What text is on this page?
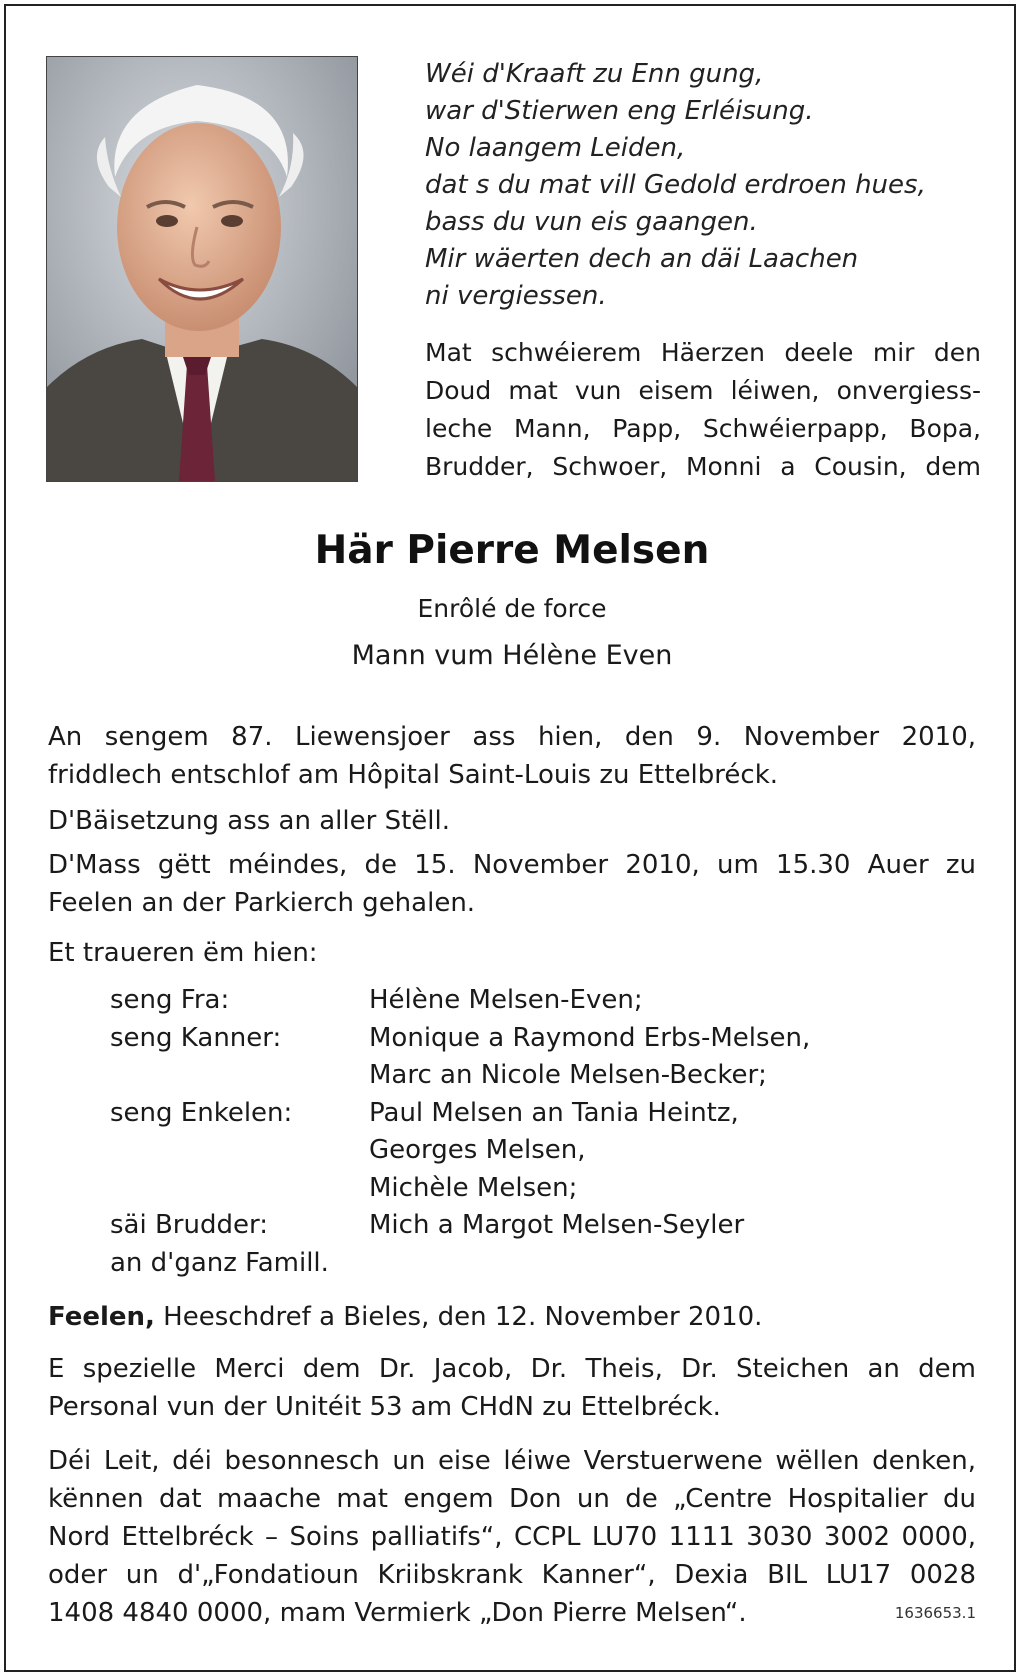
Wéi d'Kraaft zu Enn gung,
war d'Stierwen eng Erléisung.
No laangem Leiden,
dat s du mat vill Gedold erdroen hues,
bass du vun eis gaangen.
Mir wäerten dech an däi Laachen
ni vergiessen.
Mat schwéierem Häerzen deele mir den
Doud mat vun eisem léiwen, onvergiess-
leche Mann, Papp, Schwéierpapp, Bopa,
Brudder, Schwoer, Monni a Cousin, dem
Här Pierre Melsen
Enrôlé de force
Mann vum Hélène Even
An sengem 87. Liewensjoer ass hien, den 9. November 2010,
friddlech entschlof am Hôpital Saint-Louis zu Ettelbréck.
D'Bäisetzung ass an aller Stëll.
D'Mass gëtt méindes, de 15. November 2010, um 15.30 Auer zu
Feelen an der Parkierch gehalen.
Et traueren ëm hien:
seng Fra:	Hélène Melsen-Even;
seng Kanner:	Monique a Raymond Erbs-Melsen,
Marc an Nicole Melsen-Becker;
seng Enkelen:	Paul Melsen an Tania Heintz,
Georges Melsen,
Michèle Melsen;
säi Brudder:	Mich a Margot Melsen-Seyler
an d'ganz Famill.
Feelen, Heeschdref a Bieles, den 12. November 2010.
E spezielle Merci dem Dr. Jacob, Dr. Theis, Dr. Steichen an dem
Personal vun der Unitéit 53 am CHdN zu Ettelbréck.
Déi Leit, déi besonnesch un eise léiwe Verstuerwene wëllen denken,
kënnen dat maache mat engem Don un de „Centre Hospitalier du
Nord Ettelbréck – Soins palliatifs“, CCPL LU70 1111 3030 3002 0000,
oder un d'„Fondatioun Kriibskrank Kanner“, Dexia BIL LU17 0028
1408 4840 0000, mam Vermierk „Don Pierre Melsen“.	1636653.1
